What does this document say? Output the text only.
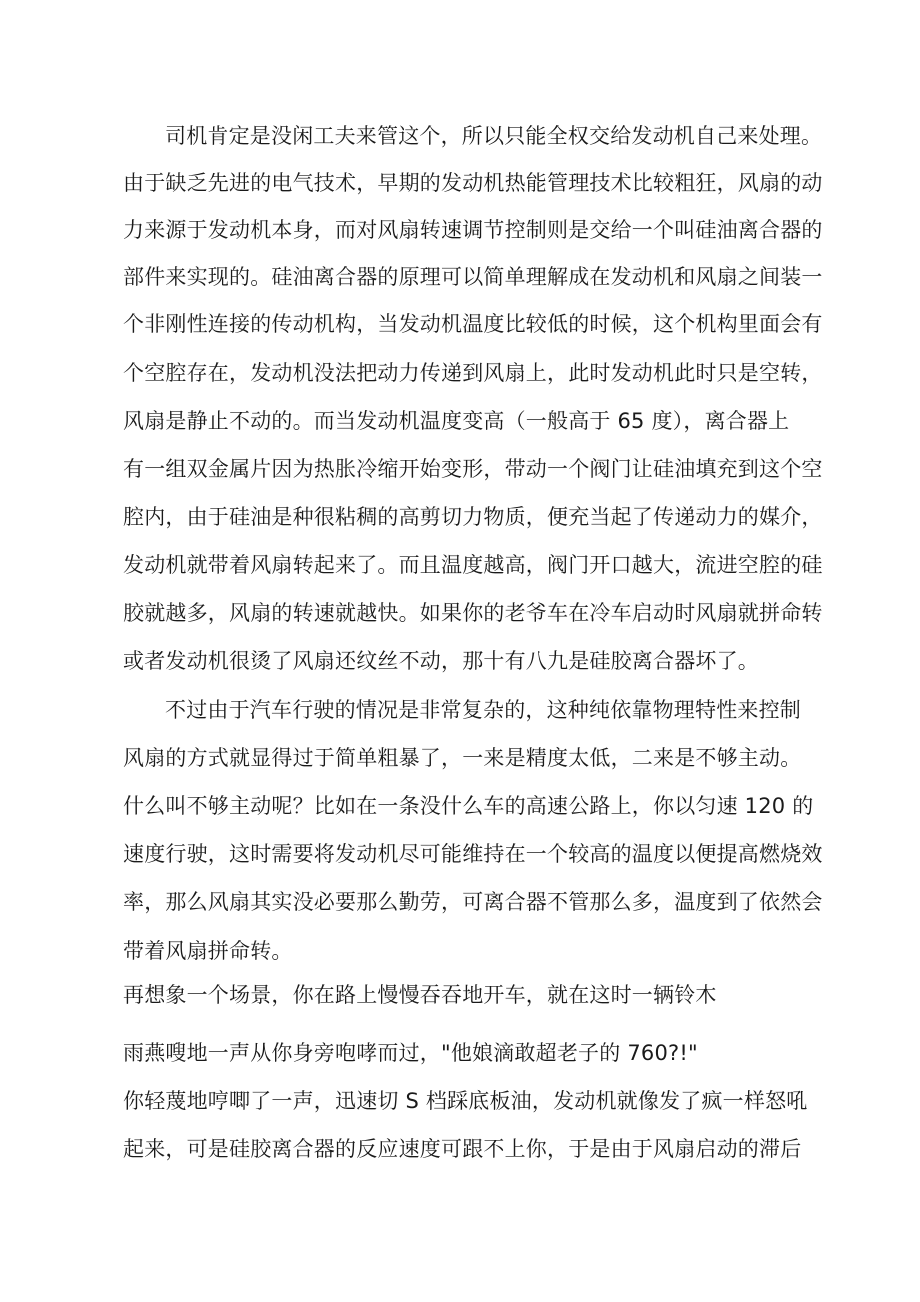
司机肯定是没闲工夫来管这个，所以只能全权交给发动机自己来处理。
由于缺乏先进的电气技术，早期的发动机热能管理技术比较粗狂，风扇的动
力来源于发动机本身，而对风扇转速调节控制则是交给一个叫硅油离合器的
部件来实现的。硅油离合器的原理可以简单理解成在发动机和风扇之间装一
个非刚性连接的传动机构，当发动机温度比较低的时候，这个机构里面会有
个空腔存在，发动机没法把动力传递到风扇上，此时发动机此时只是空转，
风扇是静止不动的。而当发动机温度变高（一般高于 65 度），离合器上
有一组双金属片因为热胀冷缩开始变形，带动一个阀门让硅油填充到这个空
腔内，由于硅油是种很粘稠的高剪切力物质，便充当起了传递动力的媒介，
发动机就带着风扇转起来了。而且温度越高，阀门开口越大，流进空腔的硅
胶就越多，风扇的转速就越快。如果你的老爷车在冷车启动时风扇就拼命转
或者发动机很烫了风扇还纹丝不动，那十有八九是硅胶离合器坏了。
不过由于汽车行驶的情况是非常复杂的，这种纯依靠物理特性来控制
风扇的方式就显得过于简单粗暴了，一来是精度太低，二来是不够主动。
什么叫不够主动呢？比如在一条没什么车的高速公路上，你以匀速 120 的
速度行驶，这时需要将发动机尽可能维持在一个较高的温度以便提高燃烧效
率，那么风扇其实没必要那么勤劳，可离合器不管那么多，温度到了依然会
带着风扇拼命转。
再想象一个场景，你在路上慢慢吞吞地开车，就在这时一辆铃木
雨燕嗖地一声从你身旁咆哮而过，"他娘滴敢超老子的 760?!"
你轻蔑地哼唧了一声，迅速切 S 档踩底板油，发动机就像发了疯一样怒吼
起来，可是硅胶离合器的反应速度可跟不上你，于是由于风扇启动的滞后
